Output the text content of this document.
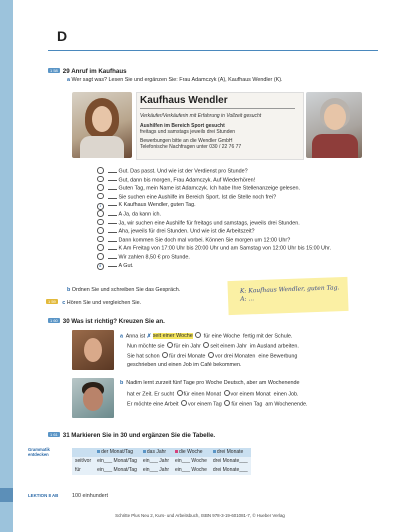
D
1 58 29 Anruf im Kaufhaus
a Wer sagt was? Lesen Sie und ergänzen Sie: Frau Adamczyk (A), Kaufhaus Wendler (K).
Kaufhaus Wendler
Verkäufer/Verkäuferin mit Erfahrung in Vollzeit gesucht
Aushilfen im Bereich Sport gesucht
freitags und samstags jeweils drei Stunden
Bewerbungen bitte an die Wendler GmbH
Telefonische Nachfragen unter 030 / 22 76 77
Gut. Das passt. Und wie ist der Verdienst pro Stunde?
Gut, dann bis morgen, Frau Adamczyk. Auf Wiederhören!
Guten Tag, mein Name ist Adamczyk. Ich habe Ihre Stellenanzeige gelesen.
Sie suchen eine Aushilfe im Bereich Sport. Ist die Stelle noch frei?
1	K Kaufhaus Wendler, guten Tag.
A Ja, da kann ich.
Ja, wir suchen eine Aushilfe für freitags und samstags, jeweils drei Stunden.
Aha, jeweils für drei Stunden. Und wie ist die Arbeitszeit?
Dann kommen Sie doch mal vorbei. Können Sie morgen um 12:00 Uhr?
K Am Freitag von 17:00 Uhr bis 20:00 Uhr und am Samstag von 12:00 Uhr bis 15:00 Uhr.
Wir zahlen 8,50 € pro Stunde.
8	A Gut.
b Ordnen Sie und schreiben Sie das Gespräch.
1 59 c Hören Sie und vergleichen Sie.
K: Kaufhaus Wendler, guten Tag.
A: ...
1 60 30 Was ist richtig? Kreuzen Sie an.
a Anna ist ✗ seit einer Woche für eine Woche fertig mit der Schule.
Nun möchte sie für ein Jahr seit einem Jahr im Ausland arbeiten.
Sie hat schon für drei Monate vor drei Monaten eine Bewerbung
geschrieben und einen Job im Café bekommen.
b Nadim lernt zurzeit fünf Tage pro Woche Deutsch, aber am Wochenende
hat er Zeit. Er sucht für einen Monat vor einem Monat einen Job.
Er möchte eine Arbeit vor einem Tag für einen Tag am Wochenende.
1 61 31 Markieren Sie in 30 und ergänzen Sie die Tabelle.
Grammatik
entdecken
		der Monat/Tag	das Jahr	die Woche	drei Monate
seit/vor	ein___ Monat/Tag	ein___ Jahr	ein___ Woche	drei Monate___
für	ein___ Monat/Tag	ein___ Jahr	ein___ Woche	drei Monate___
LEKTION 8 AB	100 einhundert
Schritte Plus Neu 2, Kurs- und Arbeitsbuch, ISBN 978-3-19-601081-7, © Hueber Verlag
